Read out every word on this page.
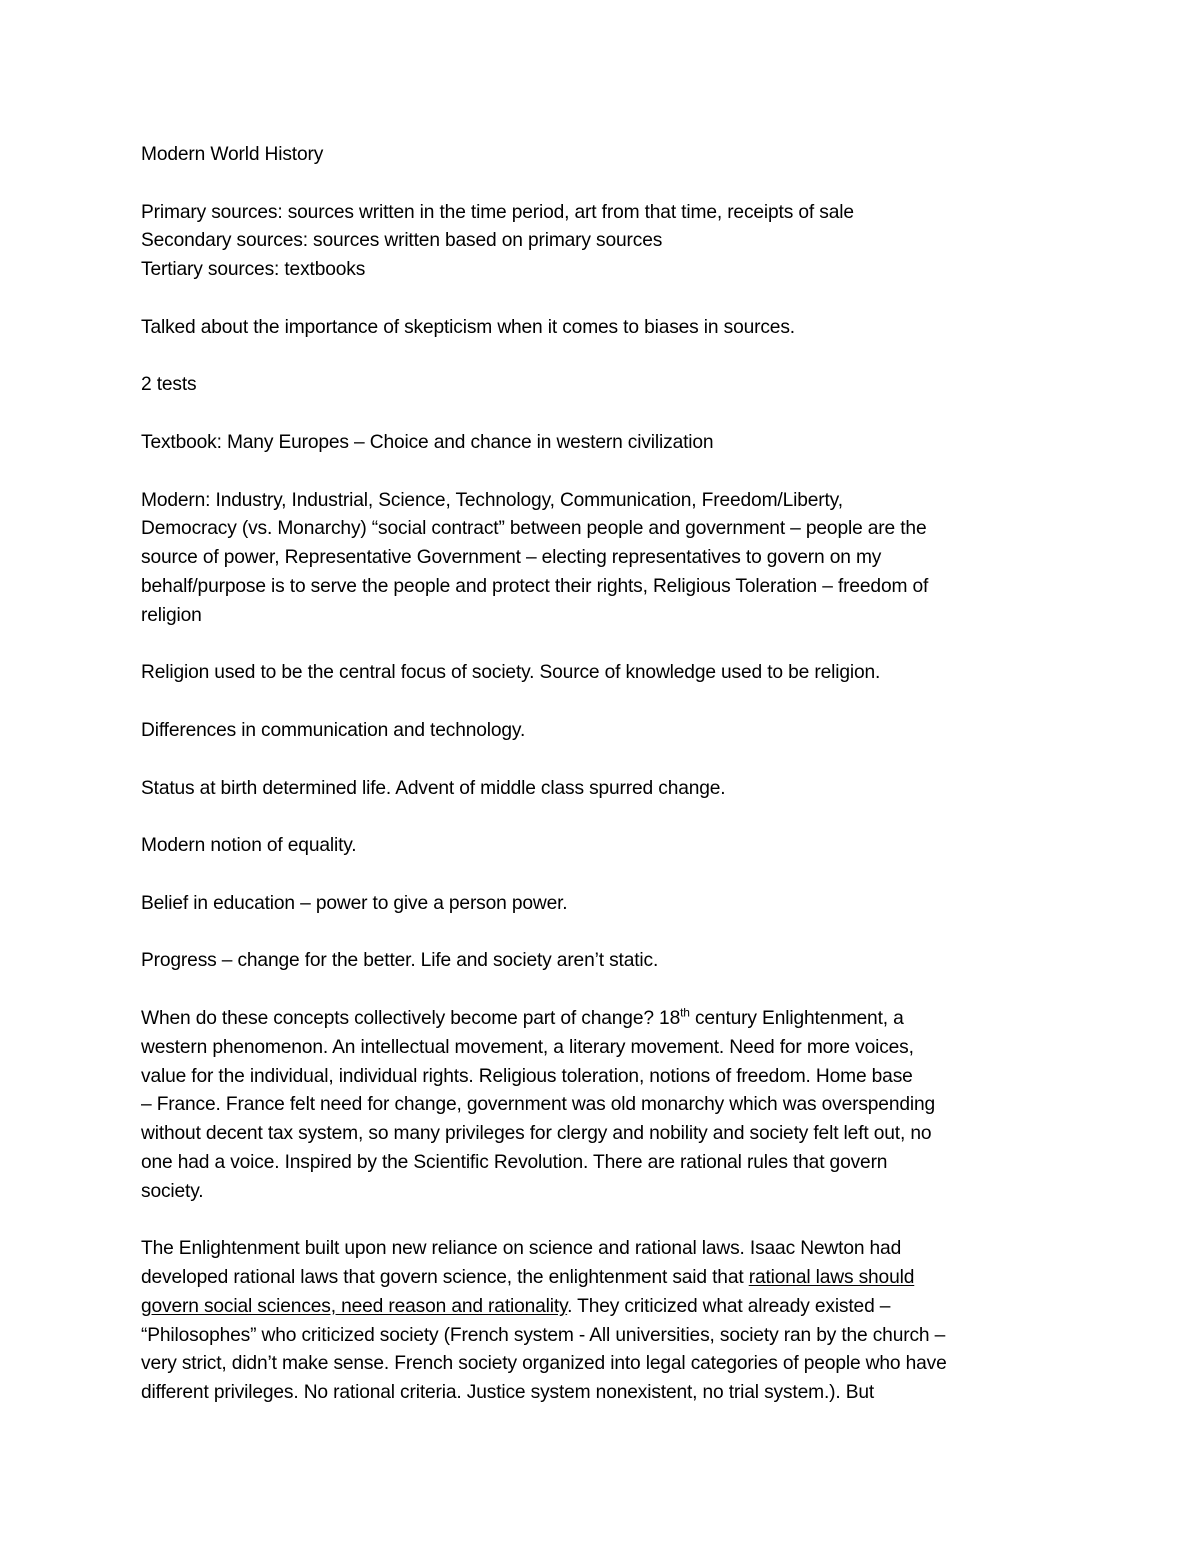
Modern World History
Primary sources: sources written in the time period, art from that time, receipts of sale
Secondary sources: sources written based on primary sources
Tertiary sources: textbooks
Talked about the importance of skepticism when it comes to biases in sources.
2 tests
Textbook: Many Europes – Choice and chance in western civilization
Modern: Industry, Industrial, Science, Technology, Communication, Freedom/Liberty,
Democracy (vs. Monarchy) “social contract” between people and government – people are the
source of power, Representative Government – electing representatives to govern on my
behalf/purpose is to serve the people and protect their rights, Religious Toleration – freedom of
religion
Religion used to be the central focus of society. Source of knowledge used to be religion.
Differences in communication and technology.
Status at birth determined life. Advent of middle class spurred change.
Modern notion of equality.
Belief in education – power to give a person power.
Progress – change for the better. Life and society aren’t static.
When do these concepts collectively become part of change? 18th century Enlightenment, a
western phenomenon. An intellectual movement, a literary movement. Need for more voices,
value for the individual, individual rights. Religious toleration, notions of freedom. Home base
– France. France felt need for change, government was old monarchy which was overspending
without decent tax system, so many privileges for clergy and nobility and society felt left out, no
one had a voice. Inspired by the Scientific Revolution. There are rational rules that govern
society.
The Enlightenment built upon new reliance on science and rational laws. Isaac Newton had
developed rational laws that govern science, the enlightenment said that rational laws should
govern social sciences, need reason and rationality. They criticized what already existed –
“Philosophes” who criticized society (French system - All universities, society ran by the church –
very strict, didn’t make sense. French society organized into legal categories of people who have
different privileges. No rational criteria. Justice system nonexistent, no trial system.). But
